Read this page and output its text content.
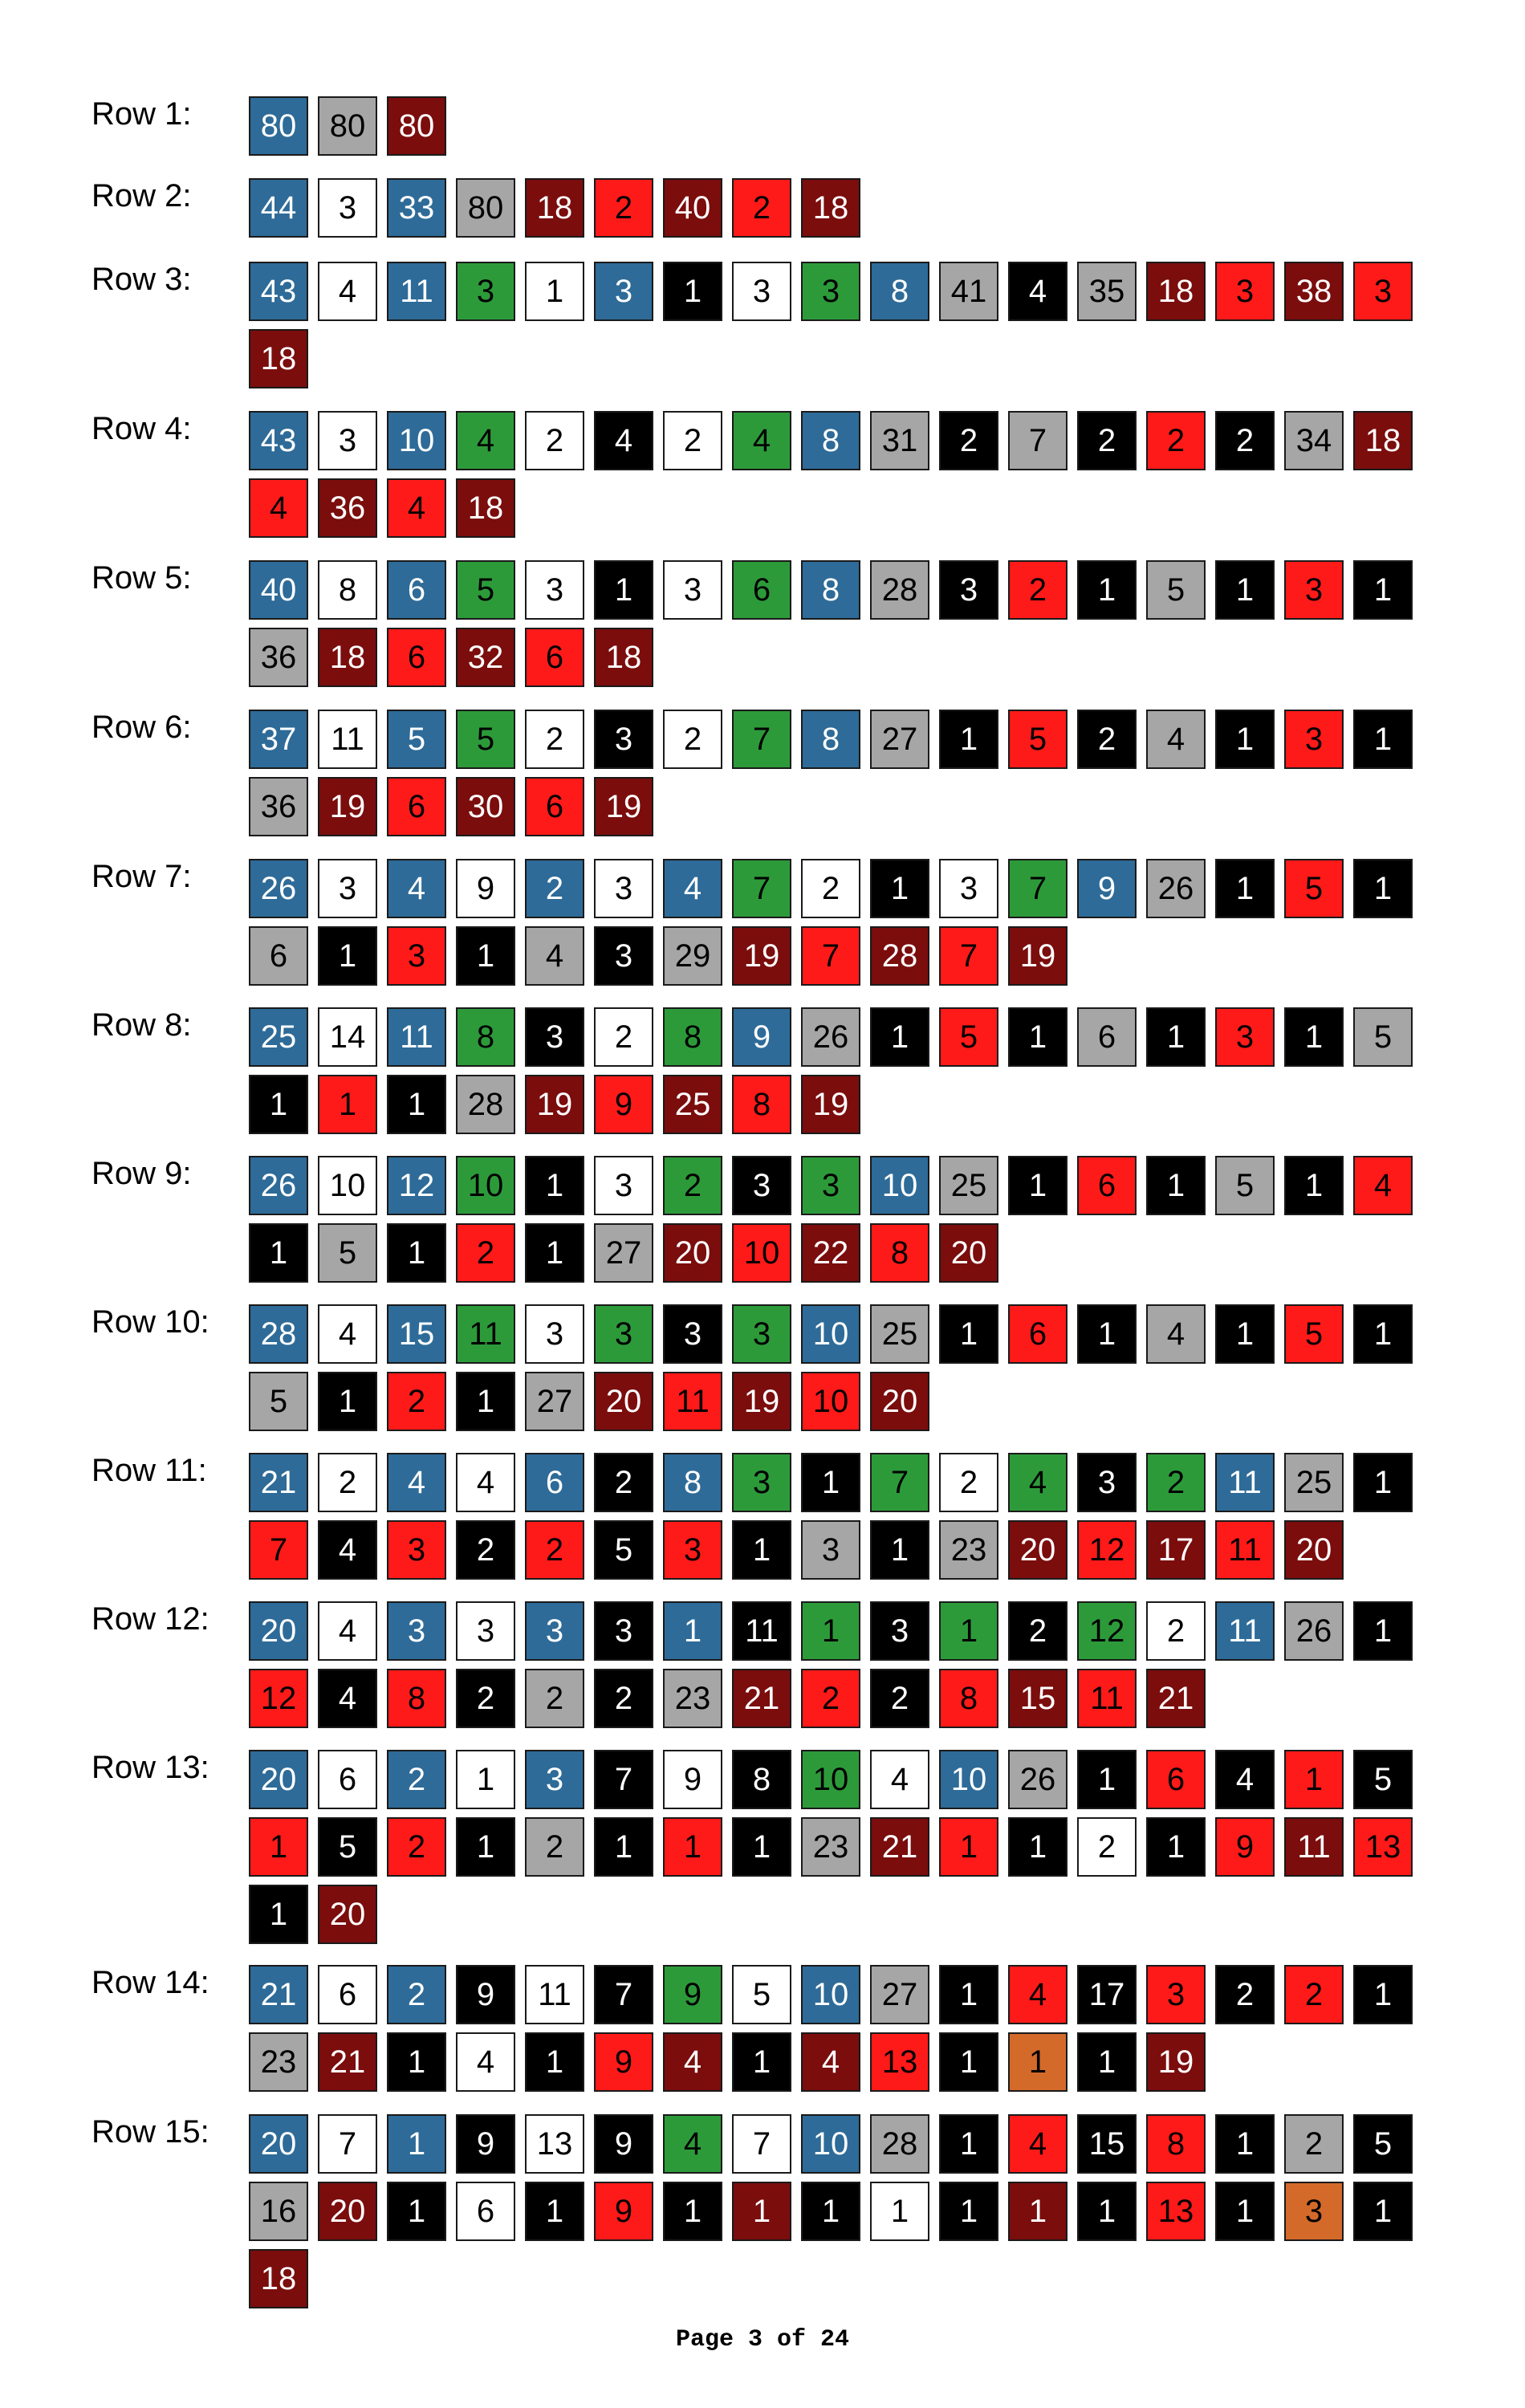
Row 1:	80	80	80
Row 2:	44	3	33	80	18	2	40	2	18
Row 3:	43	4	11	3	1	3	1	3	3	8	41	4	35	18	3	38	3
18
Row 4:	43	3	10	4	2	4	2	4	8	31	2	7	2	2	2	34	18
4	36	4	18
Row 5:	40	8	6	5	3	1	3	6	8	28	3	2	1	5	1	3	1
36	18	6	32	6	18
Row 6:	37	11	5	5	2	3	2	7	8	27	1	5	2	4	1	3	1
36	19	6	30	6	19
Row 7:	26	3	4	9	2	3	4	7	2	1	3	7	9	26	1	5	1
6	1	3	1	4	3	29	19	7	28	7	19
Row 8:	25	14	11	8	3	2	8	9	26	1	5	1	6	1	3	1	5
1	1	1	28	19	9	25	8	19
Row 9:	26	10	12	10	1	3	2	3	3	10	25	1	6	1	5	1	4
1	5	1	2	1	27	20	10	22	8	20
Row 10:	28	4	15	11	3	3	3	3	10	25	1	6	1	4	1	5	1
5	1	2	1	27	20	11	19	10	20
Row 11:	21	2	4	4	6	2	8	3	1	7	2	4	3	2	11	25	1
7	4	3	2	2	5	3	1	3	1	23	20	12	17	11	20
Row 12:	20	4	3	3	3	3	1	11	1	3	1	2	12	2	11	26	1
12	4	8	2	2	2	23	21	2	2	8	15	11	21
Row 13:	20	6	2	1	3	7	9	8	10	4	10	26	1	6	4	1	5
1	5	2	1	2	1	1	1	23	21	1	1	2	1	9	11	13
1	20
Row 14:	21	6	2	9	11	7	9	5	10	27	1	4	17	3	2	2	1
23	21	1	4	1	9	4	1	4	13	1	1	1	19
Row 15:	20	7	1	9	13	9	4	7	10	28	1	4	15	8	1	2	5
16	20	1	6	1	9	1	1	1	1	1	1	1	13	1	3	1
18
Page 3 of 24
